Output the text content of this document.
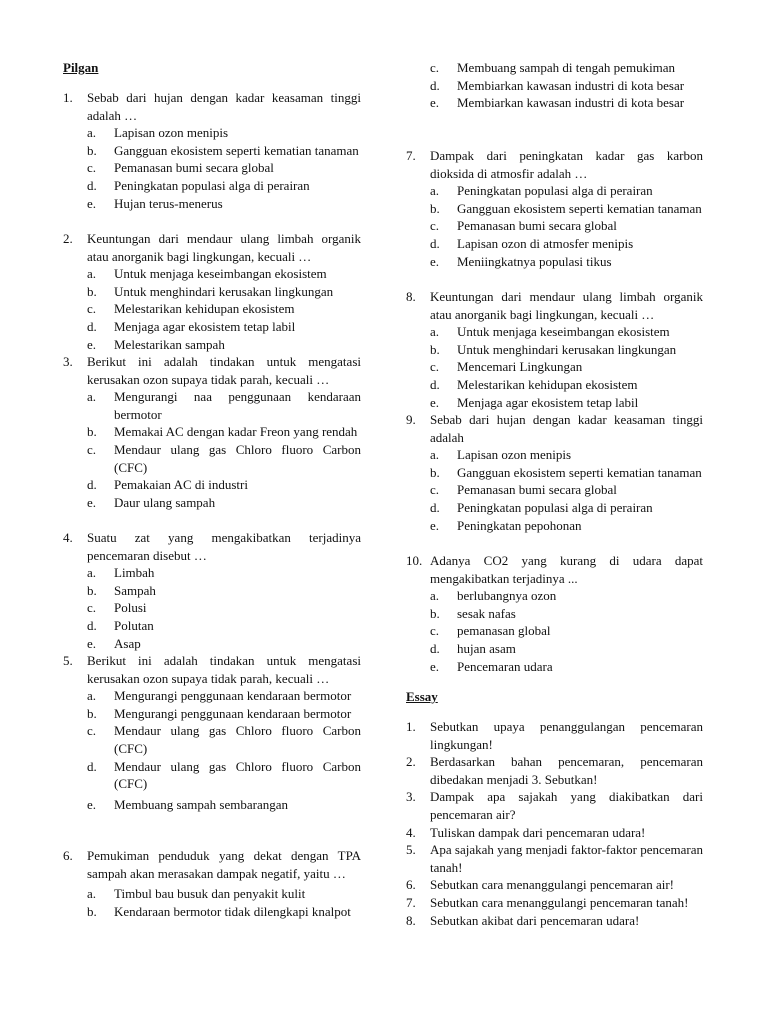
Pilgan
1.	Sebab dari hujan dengan kadar keasaman tinggi adalah …
a.	Lapisan ozon menipis
b.	Gangguan ekosistem seperti kematian tanaman
c.	Pemanasan bumi secara global
d.	Peningkatan populasi alga di perairan
e.	Hujan terus-menerus
2.	Keuntungan dari mendaur ulang limbah organik atau anorganik bagi lingkungan, kecuali …
a.	Untuk menjaga keseimbangan ekosistem
b.	Untuk menghindari kerusakan lingkungan
c.	Melestarikan kehidupan ekosistem
d.	Menjaga agar ekosistem tetap labil
e.	Melestarikan sampah
3.	Berikut ini adalah tindakan untuk mengatasi kerusakan ozon supaya tidak parah, kecuali …
a.	Mengurangi naa penggunaan kendaraan bermotor
b.	Memakai AC dengan kadar Freon yang rendah
c.	Mendaur ulang gas Chloro fluoro Carbon (CFC)
d.	Pemakaian AC di industri
e.	Daur ulang sampah
4.	Suatu zat yang mengakibatkan terjadinya pencemaran disebut …
a.	Limbah
b.	Sampah
c.	Polusi
d.	Polutan
e.	Asap
5.	Berikut ini adalah tindakan untuk mengatasi kerusakan ozon supaya tidak parah, kecuali …
a.	Mengurangi penggunaan kendaraan bermotor
b.	Mengurangi penggunaan kendaraan bermotor
c.	Mendaur ulang gas Chloro fluoro Carbon (CFC)
d.	Mendaur ulang gas Chloro fluoro Carbon (CFC)
e.	Membuang sampah sembarangan
6.	Pemukiman penduduk yang dekat dengan TPA sampah akan merasakan dampak negatif, yaitu …
a.	Timbul bau busuk dan penyakit kulit
b.	Kendaraan bermotor tidak dilengkapi knalpot
c.	Membuang sampah di tengah pemukiman
d.	Membiarkan kawasan industri di kota besar
e.	Membiarkan kawasan industri di kota besar
7.	Dampak dari peningkatan kadar gas karbon dioksida di atmosfir adalah …
a.	Peningkatan populasi alga di perairan
b.	Gangguan ekosistem seperti kematian tanaman
c.	Pemanasan bumi secara global
d.	Lapisan ozon di atmosfer menipis
e.	Meniingkatnya populasi tikus
8.	Keuntungan dari mendaur ulang limbah organik atau anorganik bagi lingkungan, kecuali …
a.	Untuk menjaga keseimbangan ekosistem
b.	Untuk menghindari kerusakan lingkungan
c.	Mencemari Lingkungan
d.	Melestarikan kehidupan ekosistem
e.	Menjaga agar ekosistem tetap labil
9.	Sebab dari hujan dengan kadar keasaman tinggi adalah
a.	Lapisan ozon menipis
b.	Gangguan ekosistem seperti kematian tanaman
c.	Pemanasan bumi secara global
d.	Peningkatan populasi alga di perairan
e.	Peningkatan pepohonan
10. Adanya CO2 yang kurang di udara dapat mengakibatkan terjadinya ...
a.	berlubangnya ozon
b.	sesak nafas
c.	pemanasan global
d.	hujan asam
e.	Pencemaran udara
Essay
1.	Sebutkan upaya penanggulangan pencemaran lingkungan!
2.	Berdasarkan bahan pencemaran, pencemaran dibedakan menjadi 3. Sebutkan!
3.	Dampak apa sajakah yang diakibatkan dari pencemaran air?
4.	Tuliskan dampak dari pencemaran udara!
5.	Apa sajakah yang menjadi faktor-faktor pencemaran tanah!
6.	Sebutkan cara menanggulangi pencemaran air!
7.	Sebutkan cara menanggulangi pencemaran tanah!
8.	Sebutkan akibat dari pencemaran udara!
